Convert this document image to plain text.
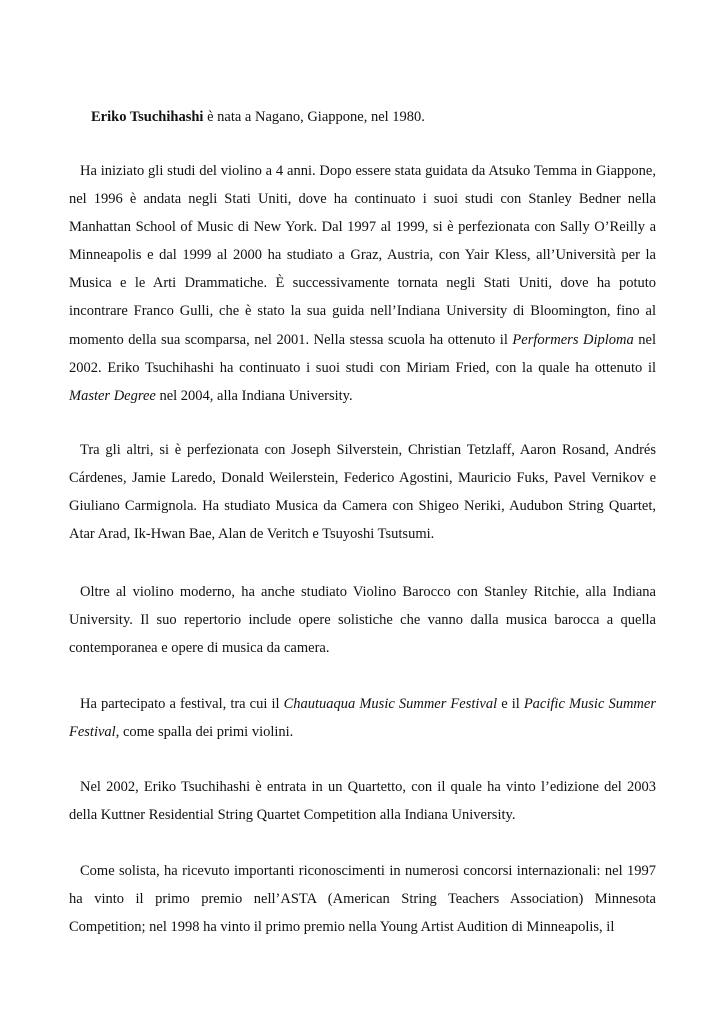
Eriko Tsuchihashi è nata a Nagano, Giappone, nel 1980.

Ha iniziato gli studi del violino a 4 anni. Dopo essere stata guidata da Atsuko Temma in Giappone, nel 1996 è andata negli Stati Uniti, dove ha continuato i suoi studi con Stanley Bedner nella Manhattan School of Music di New York. Dal 1997 al 1999, si è perfezionata con Sally O’Reilly a Minneapolis e dal 1999 al 2000 ha studiato a Graz, Austria, con Yair Kless, all’Università per la Musica e le Arti Drammatiche. È successivamente tornata negli Stati Uniti, dove ha potuto incontrare Franco Gulli, che è stato la sua guida nell’Indiana University di Bloomington, fino al momento della sua scomparsa, nel 2001. Nella stessa scuola ha ottenuto il Performers Diploma nel 2002. Eriko Tsuchihashi ha continuato i suoi studi con Miriam Fried, con la quale ha ottenuto il Master Degree nel 2004, alla Indiana University.

Tra gli altri, si è perfezionata con Joseph Silverstein, Christian Tetzlaff, Aaron Rosand, Andrés Cárdenes, Jamie Laredo, Donald Weilerstein, Federico Agostini, Mauricio Fuks, Pavel Vernikov e Giuliano Carmignola. Ha studiato Musica da Camera con Shigeo Neriki, Audubon String Quartet, Atar Arad, Ik-Hwan Bae, Alan de Veritch e Tsuyoshi Tsutsumi.

Oltre al violino moderno, ha anche studiato Violino Barocco con Stanley Ritchie, alla Indiana University. Il suo repertorio include opere solistiche che vanno dalla musica barocca a quella contemporanea e opere di musica da camera.

Ha partecipato a festival, tra cui il Chautuaqua Music Summer Festival e il Pacific Music Summer Festival, come spalla dei primi violini.

Nel 2002, Eriko Tsuchihashi è entrata in un Quartetto, con il quale ha vinto l’edizione del 2003 della Kuttner Residential String Quartet Competition alla Indiana University.

Come solista, ha ricevuto importanti riconoscimenti in numerosi concorsi internazionali: nel 1997 ha vinto il primo premio nell’ASTA (American String Teachers Association) Minnesota Competition; nel 1998 ha vinto il primo premio nella Young Artist Audition di Minneapolis, il
